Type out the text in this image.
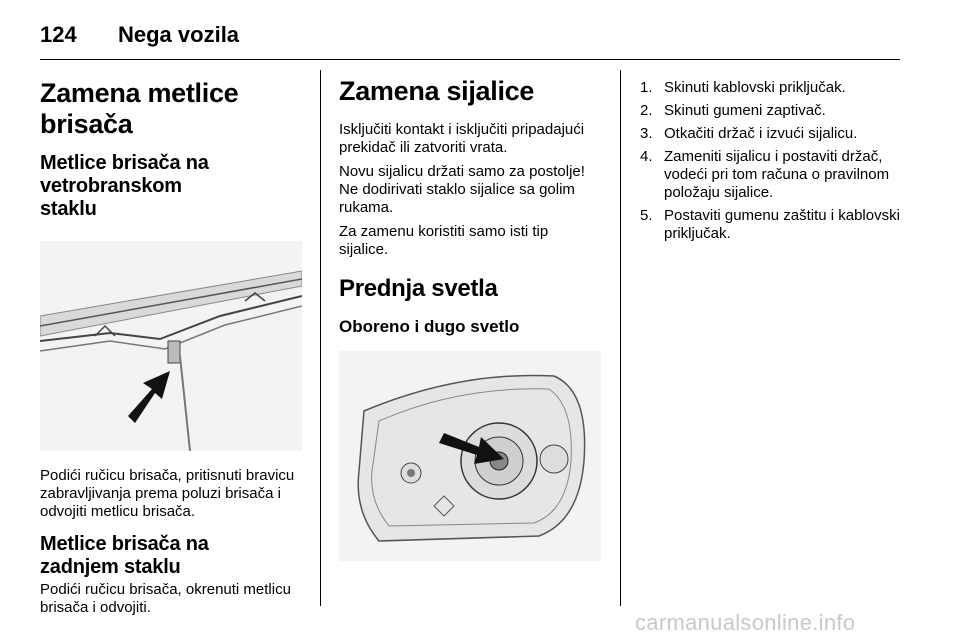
124 Nega vozila
Zamena metlice brisača
Metlice brisača na vetrobranskom staklu

Podići ručicu brisača, pritisnuti bravicu zabravljivanja prema poluzi brisača i odvojiti metlicu brisača.

Metlice brisača na zadnjem staklu

Podići ručicu brisača, okrenuti metlicu brisača i odvojiti.

Zamena sijalice

Isključiti kontakt i isključiti pripadajući prekidač ili zatvoriti vrata.

Novu sijalicu držati samo za postolje! Ne dodirivati staklo sijalice sa golim rukama.

Za zamenu koristiti samo isti tip sijalice.

Prednja svetla
Oboreno i dugo svetlo
1. Skinuti kablovski priključak.
2. Skinuti gumeni zaptivač.
3. Otkačiti držač i izvući sijalicu.
4. Zameniti sijalicu i postaviti držač, vodeći pri tom računa o pravilnom položaju sijalice.
5. Postaviti gumenu zaštitu i kablovski priključak.
carmanualsonline.info
